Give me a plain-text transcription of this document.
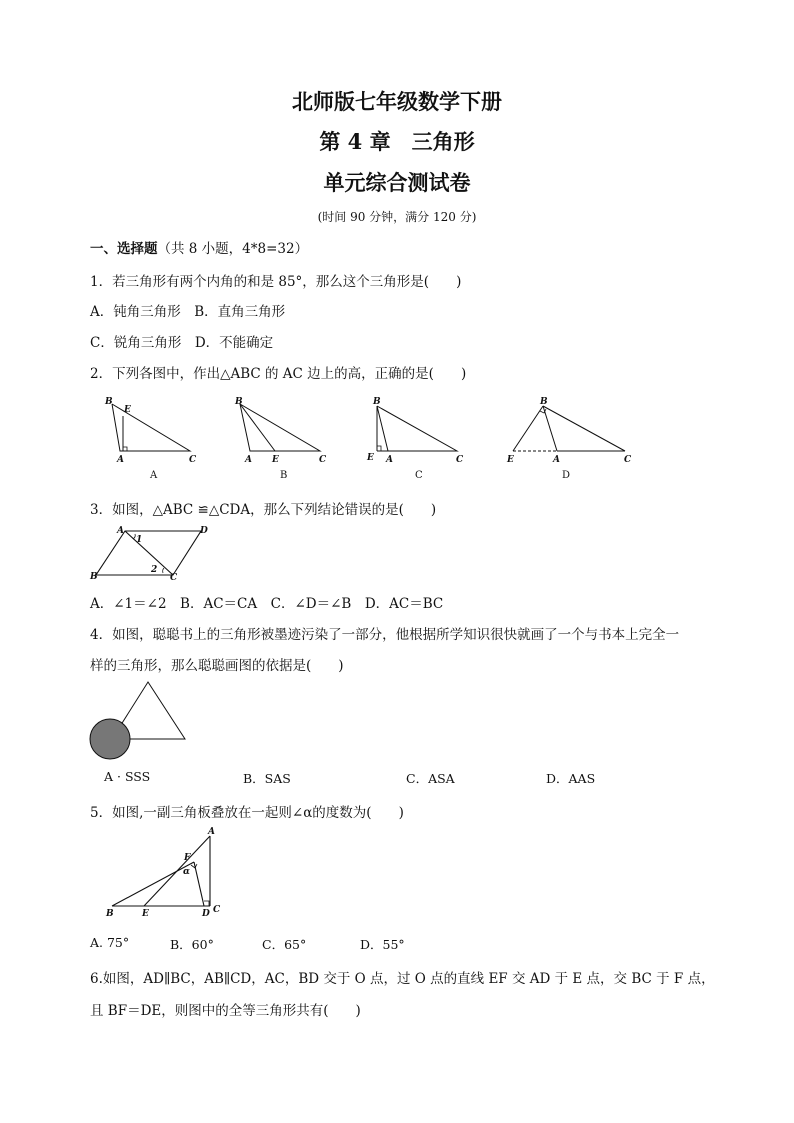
北师版七年级数学下册
第 4 章　三角形
单元综合测试卷
(时间 90 分钟，满分 120 分)
一、选择题（共 8 小题，4*8=32）
1．若三角形有两个内角的和是 85°，那么这个三角形是(　　)
A．钝角三角形　B．直角三角形
C．锐角三角形　D．不能确定
2．下列各图中，作出△ABC 的 AC 边上的高，正确的是(　　)
B
E
A	C
A
B
A E	C
B
B
E A	C
C
B
E	A	C
D
3．如图，△ABC ≌△CDA，那么下列结论错误的是(　　)
A	D
1
2
B	C
A．∠1＝∠2　B．AC＝CA　C．∠D＝∠B　D．AC＝BC
4．如图，聪聪书上的三角形被墨迹污染了一部分，他根据所学知识很快就画了一个与书本上完全一
样的三角形，那么聪聪画图的依据是(　　)
A · SSS	B．SAS	C．ASA	D．AAS
5．如图,一副三角板叠放在一起则∠α的度数为(　　)
A
F
α
B	E	D C
A. 75°	B．60°	C．65°	D．55°
6.如图，AD∥BC，AB∥CD，AC，BD 交于 O 点，过 O 点的直线 EF 交 AD 于 E 点，交 BC 于 F 点，
且 BF＝DE，则图中的全等三角形共有(　　)
